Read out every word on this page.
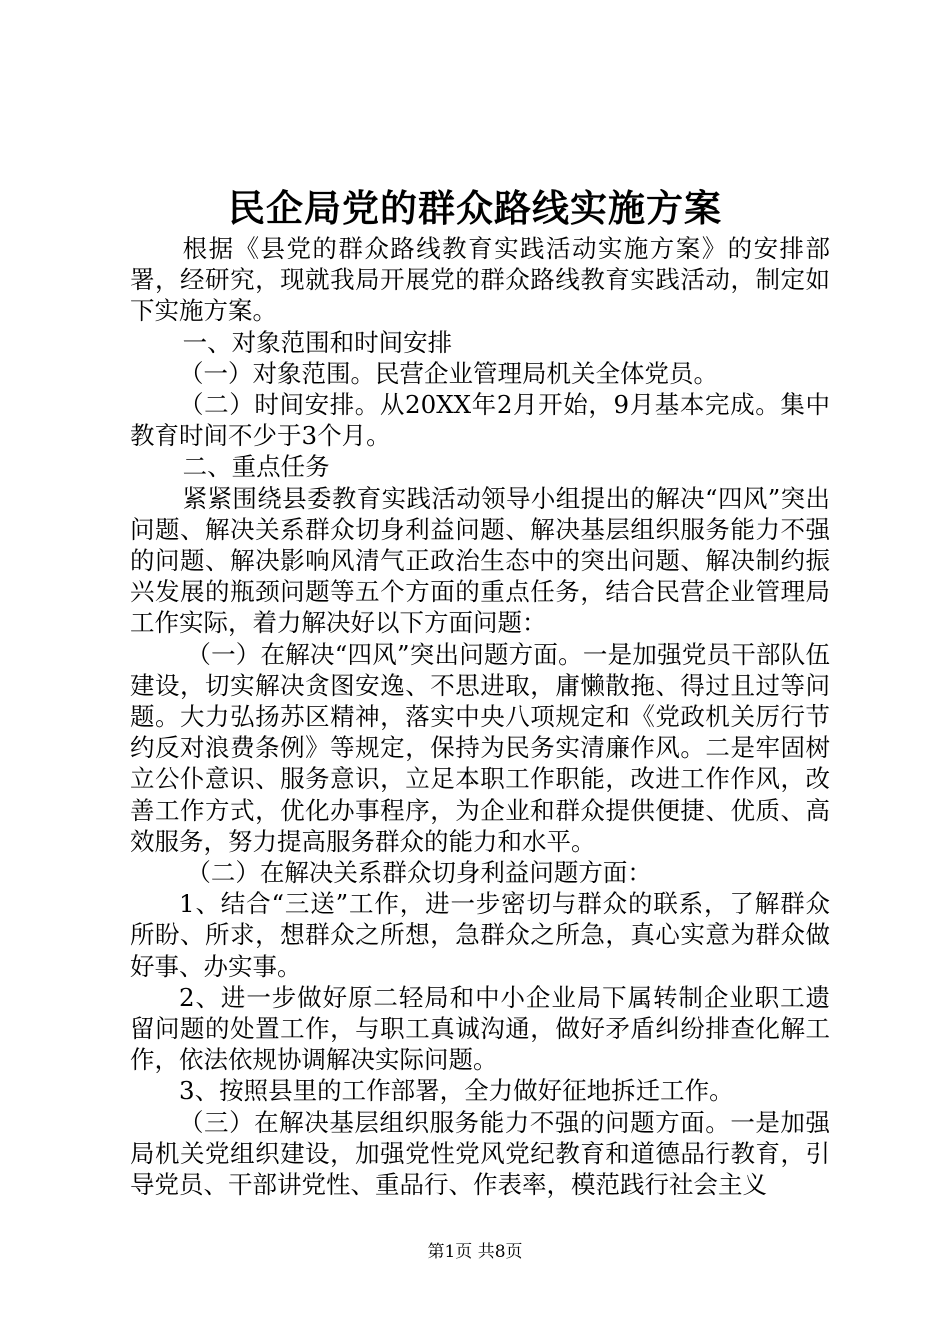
民企局党的群众路线实施方案

根据《县党的群众路线教育实践活动实施方案》的安排部署，经研究，现就我局开展党的群众路线教育实践活动，制定如下实施方案。

一、对象范围和时间安排

（一）对象范围。民营企业管理局机关全体党员。

（二）时间安排。从20XX年2月开始，9月基本完成。集中教育时间不少于3个月。

二、重点任务

紧紧围绕县委教育实践活动领导小组提出的解决“四风”突出问题、解决关系群众切身利益问题、解决基层组织服务能力不强的问题、解决影响风清气正政治生态中的突出问题、解决制约振兴发展的瓶颈问题等五个方面的重点任务，结合民营企业管理局工作实际，着力解决好以下方面问题：

（一）在解决“四风”突出问题方面。一是加强党员干部队伍建设，切实解决贪图安逸、不思进取，庸懒散拖、得过且过等问题。大力弘扬苏区精神，落实中央八项规定和《党政机关厉行节约反对浪费条例》等规定，保持为民务实清廉作风。二是牢固树立公仆意识、服务意识，立足本职工作职能，改进工作作风，改善工作方式，优化办事程序，为企业和群众提供便捷、优质、高效服务，努力提高服务群众的能力和水平。

（二）在解决关系群众切身利益问题方面：

1、结合“三送”工作，进一步密切与群众的联系，了解群众所盼、所求，想群众之所想，急群众之所急，真心实意为群众做好事、办实事。

2、进一步做好原二轻局和中小企业局下属转制企业职工遗留问题的处置工作，与职工真诚沟通，做好矛盾纠纷排查化解工作，依法依规协调解决实际问题。

3、按照县里的工作部署，全力做好征地拆迁工作。

（三）在解决基层组织服务能力不强的问题方面。一是加强局机关党组织建设，加强党性党风党纪教育和道德品行教育，引导党员、干部讲党性、重品行、作表率，模范践行社会主义

第1页 共8页
